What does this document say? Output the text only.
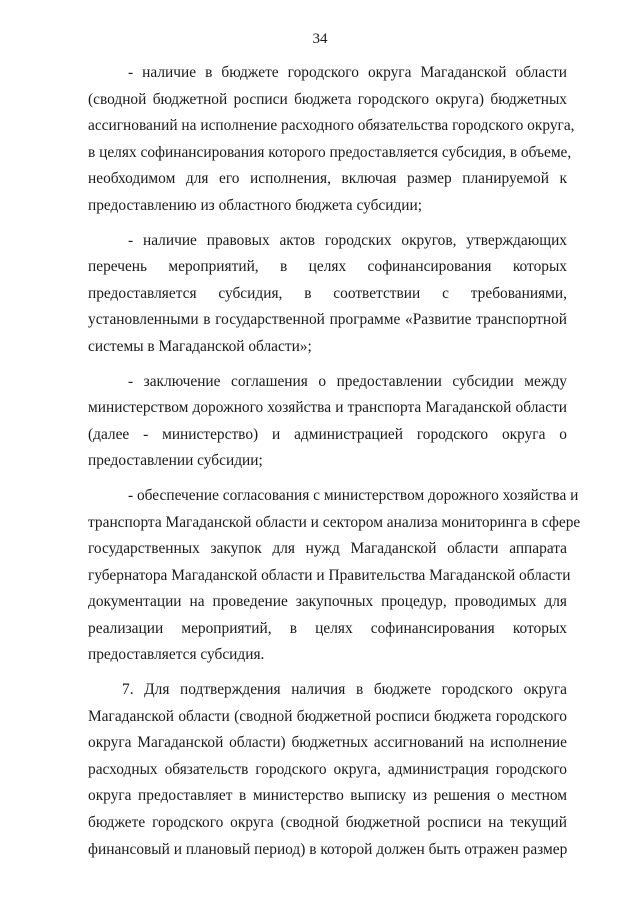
34
- наличие в бюджете городского округа Магаданской области
(сводной бюджетной росписи бюджета городского округа) бюджетных
ассигнований на исполнение расходного обязательства городского округа,
в целях софинансирования которого предоставляется субсидия, в объеме,
необходимом для его исполнения, включая размер планируемой к
предоставлению из областного бюджета субсидии;
- наличие правовых актов городских округов, утверждающих
перечень мероприятий, в целях софинансирования которых
предоставляется субсидия, в соответствии с требованиями,
установленными в государственной программе «Развитие транспортной
системы в Магаданской области»;
- заключение соглашения о предоставлении субсидии между
министерством дорожного хозяйства и транспорта Магаданской области
(далее - министерство) и администрацией городского округа о
предоставлении субсидии;
- обеспечение согласования с министерством дорожного хозяйства и
транспорта Магаданской области и сектором анализа мониторинга в сфере
государственных закупок для нужд Магаданской области аппарата
губернатора Магаданской области и Правительства Магаданской области
документации на проведение закупочных процедур, проводимых для
реализации мероприятий, в целях софинансирования которых
предоставляется субсидия.
7. Для подтверждения наличия в бюджете городского округа
Магаданской области (сводной бюджетной росписи бюджета городского
округа Магаданской области) бюджетных ассигнований на исполнение
расходных обязательств городского округа, администрация городского
округа предоставляет в министерство выписку из решения о местном
бюджете городского округа (сводной бюджетной росписи на текущий
финансовый и плановый период) в которой должен быть отражен размер
